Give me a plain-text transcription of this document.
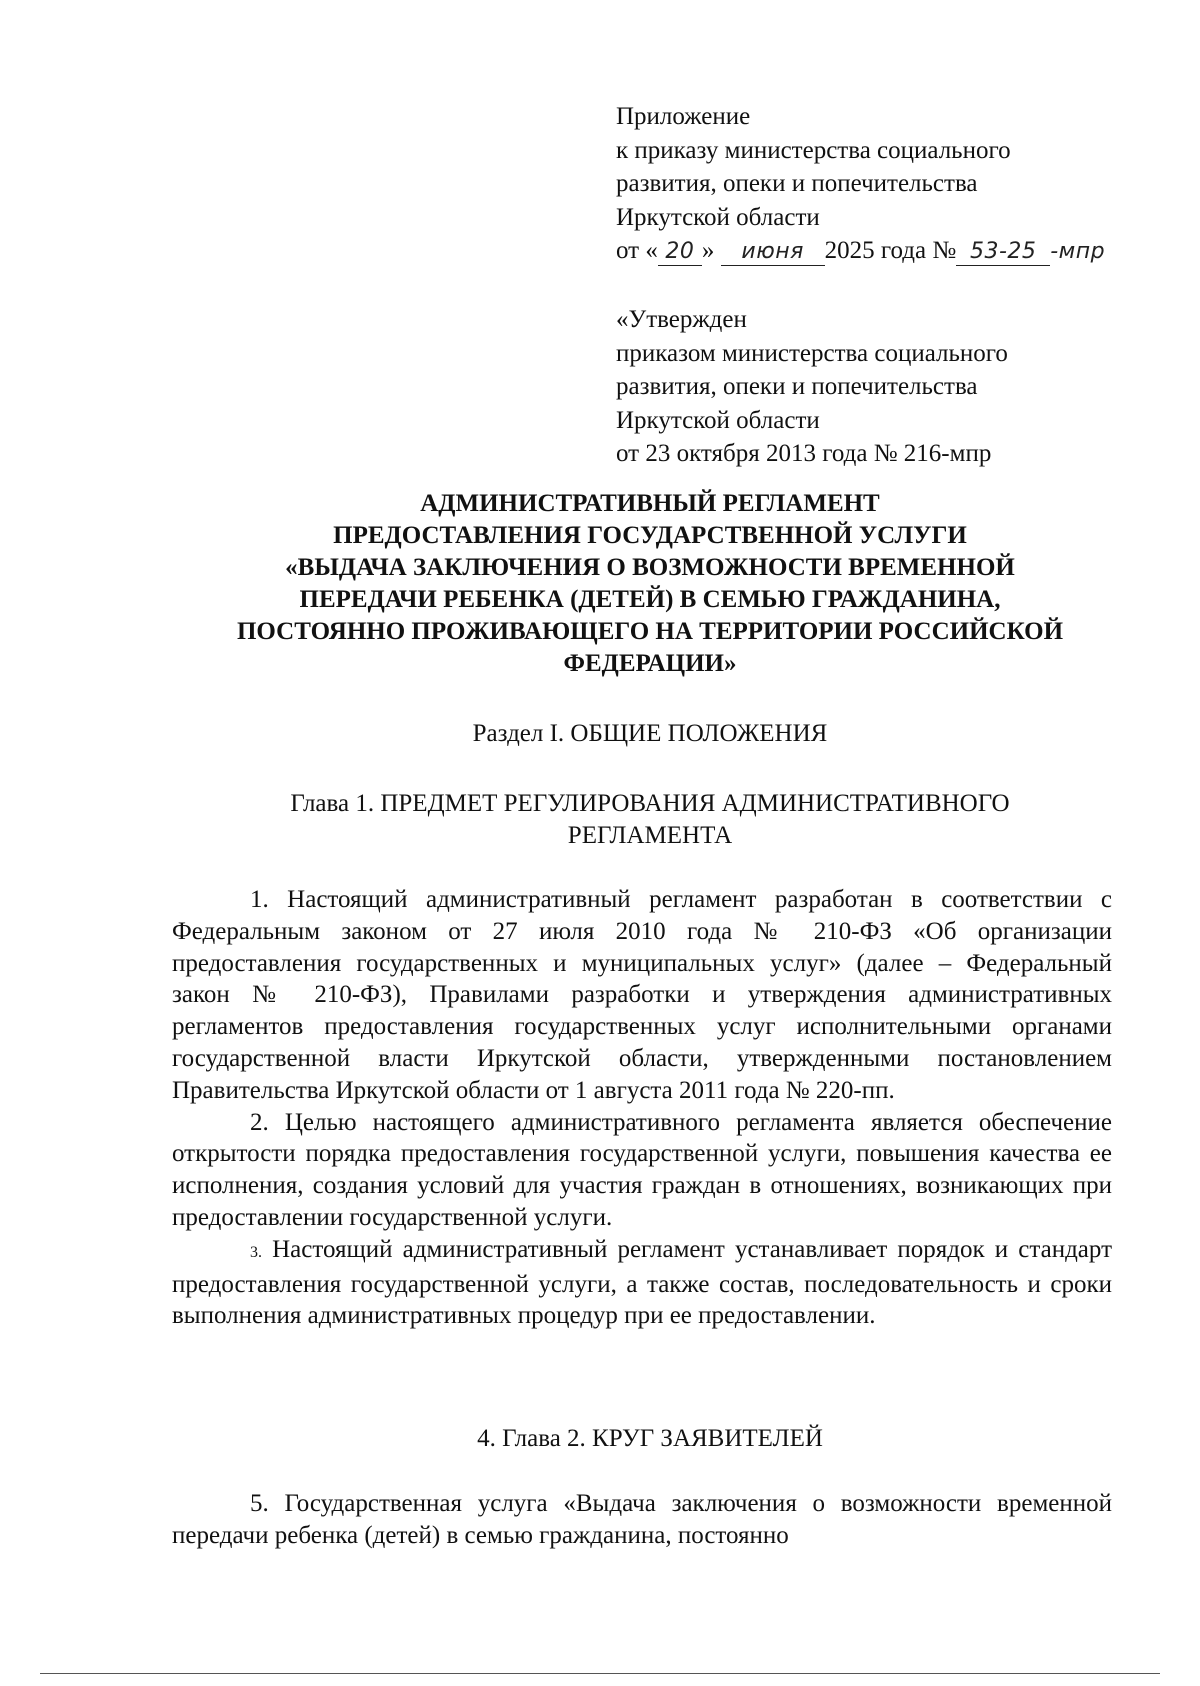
Приложение
к приказу министерства социального
развития, опеки и попечительства
Иркутской области
от « 20 » июня 2025 года № 53-25 -мпр
«Утвержден
приказом министерства социального
развития, опеки и попечительства
Иркутской области
от 23 октября 2013 года № 216-мпр
АДМИНИСТРАТИВНЫЙ РЕГЛАМЕНТ
ПРЕДОСТАВЛЕНИЯ ГОСУДАРСТВЕННОЙ УСЛУГИ
«ВЫДАЧА ЗАКЛЮЧЕНИЯ О ВОЗМОЖНОСТИ ВРЕМЕННОЙ
ПЕРЕДАЧИ РЕБЕНКА (ДЕТЕЙ) В СЕМЬЮ ГРАЖДАНИНА,
ПОСТОЯННО ПРОЖИВАЮЩЕГО НА ТЕРРИТОРИИ РОССИЙСКОЙ
ФЕДЕРАЦИИ»
Раздел I. ОБЩИЕ ПОЛОЖЕНИЯ
Глава 1. ПРЕДМЕТ РЕГУЛИРОВАНИЯ АДМИНИСТРАТИВНОГО
РЕГЛАМЕНТА

1. Настоящий административный регламент разработан в соответствии с Федеральным законом от 27 июля 2010 года № 210-ФЗ «Об организации предоставления государственных и муниципальных услуг» (далее – Федеральный закон № 210-ФЗ), Правилами разработки и утверждения административных регламентов предоставления государственных услуг исполнительными органами государственной власти Иркутской области, утвержденными постановлением Правительства Иркутской области от 1 августа 2011 года № 220-пп.

2. Целью настоящего административного регламента является обеспечение открытости порядка предоставления государственной услуги, повышения качества ее исполнения, создания условий для участия граждан в отношениях, возникающих при предоставлении государственной услуги.

3. Настоящий административный регламент устанавливает порядок и стандарт предоставления государственной услуги, а также состав, последовательность и сроки выполнения административных процедур при ее предоставлении.

4. Глава 2. КРУГ ЗАЯВИТЕЛЕЙ

5. Государственная услуга «Выдача заключения о возможности временной передачи ребенка (детей) в семью гражданина, постоянно
